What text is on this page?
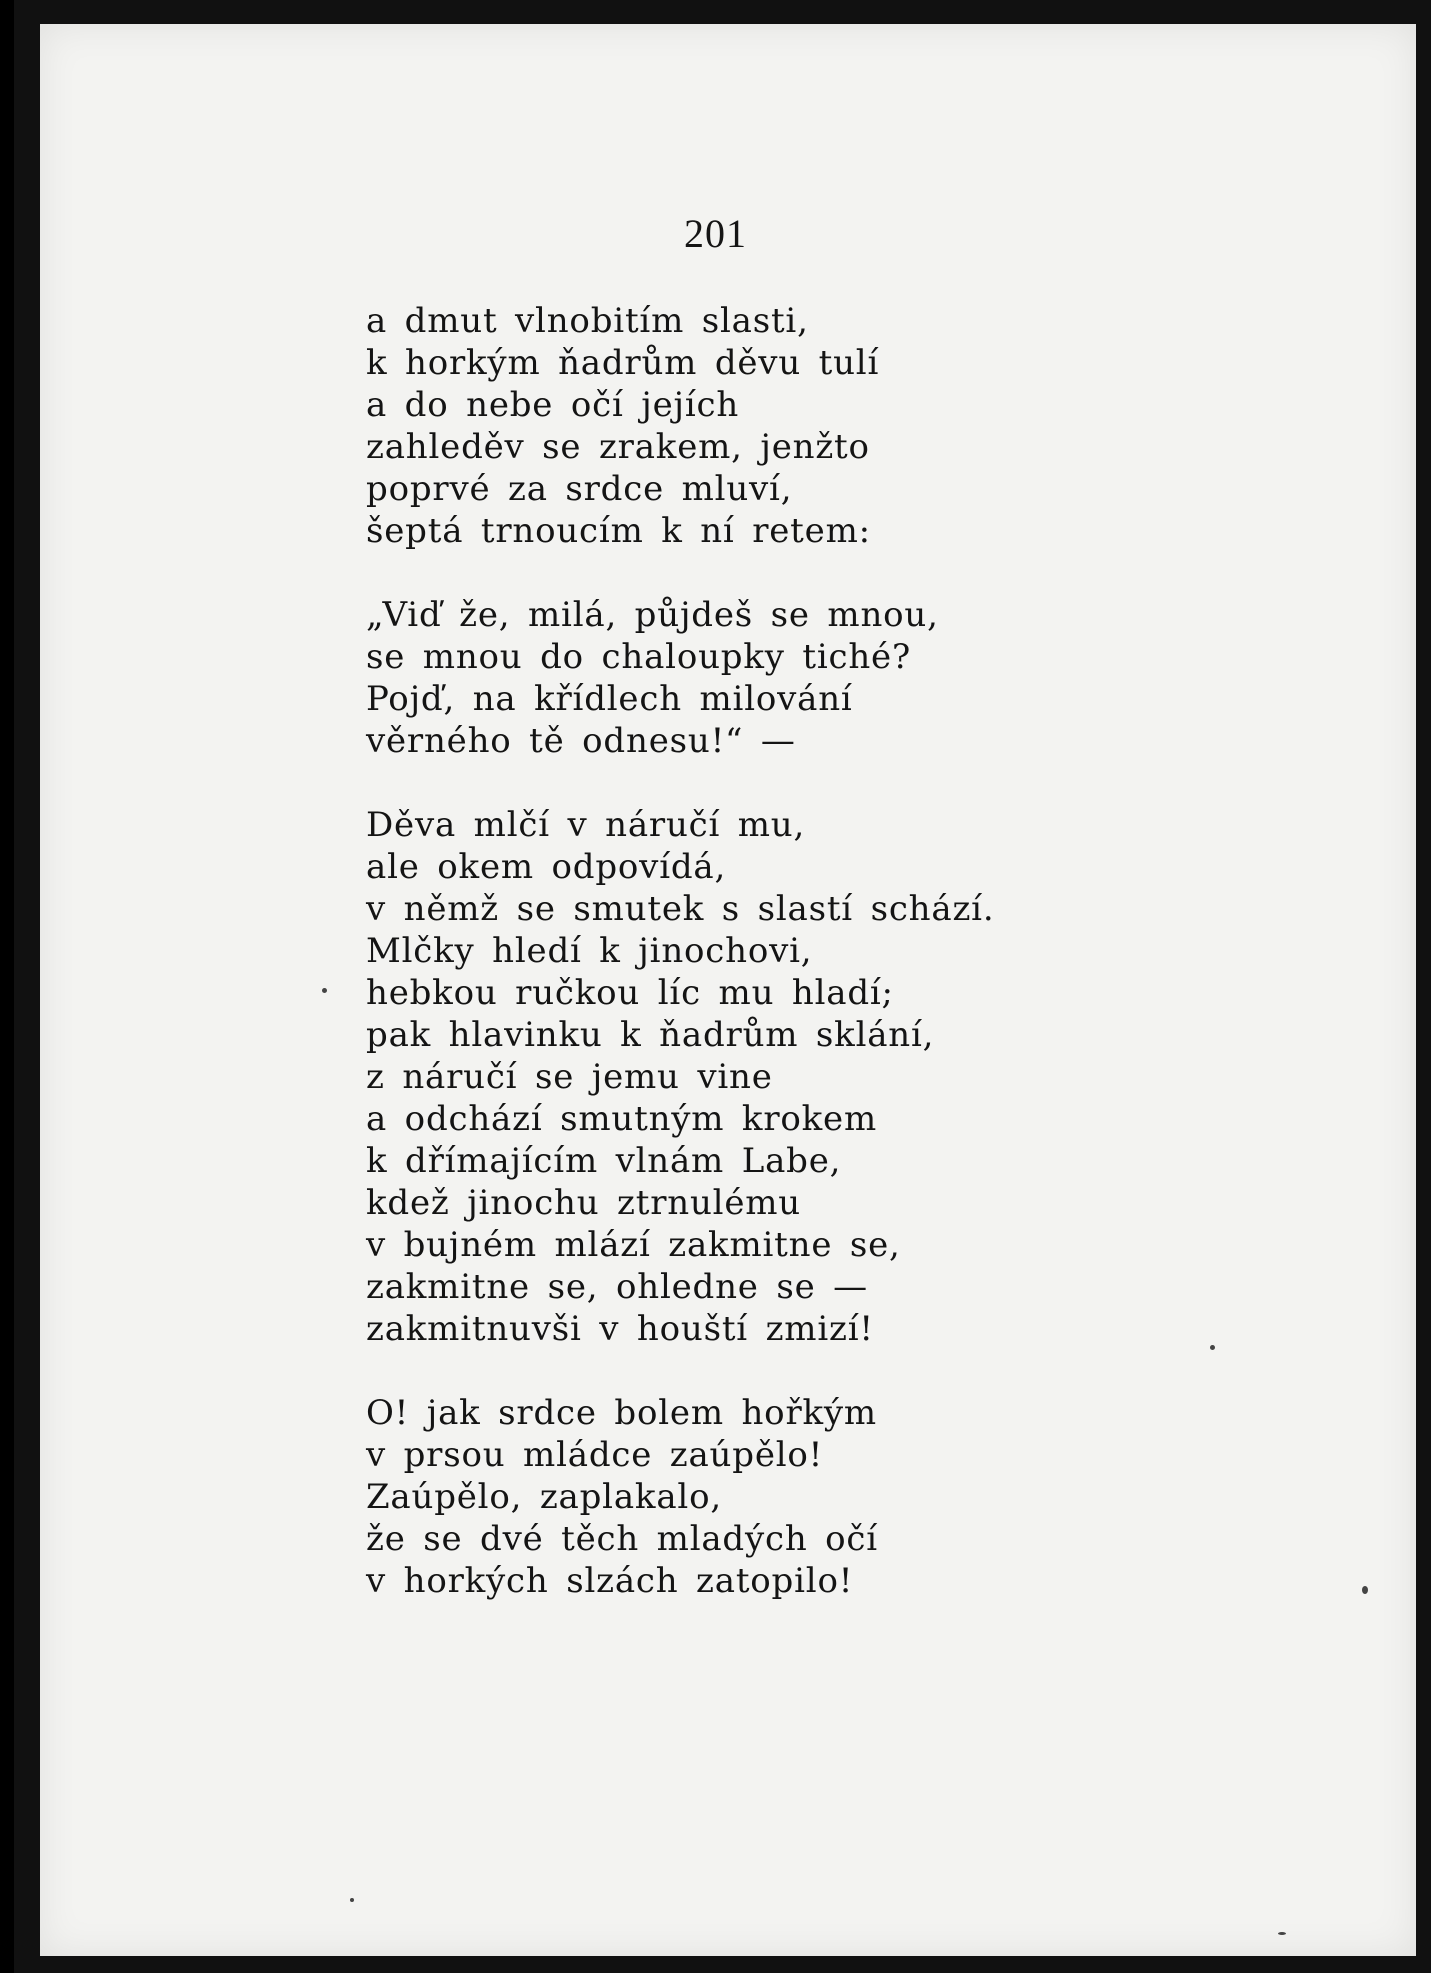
201
a dmut vlnobitím slasti,
k horkým ňadrům děvu tulí
a do nebe očí jejích
zahleděv se zrakem, jenžto
poprvé za srdce mluví,
šeptá trnoucím k ní retem:
„Viď že, milá, půjdeš se mnou,
se mnou do chaloupky tiché?
Pojď, na křídlech milování
věrného tě odnesu!“ —
Děva mlčí v náručí mu,
ale okem odpovídá,
v němž se smutek s slastí schází.
Mlčky hledí k jinochovi,
hebkou ručkou líc mu hladí;
pak hlavinku k ňadrům sklání,
z náručí se jemu vine
a odchází smutným krokem
k dřímajícím vlnám Labe,
kdež jinochu ztrnulému
v bujném mlází zakmitne se,
zakmitne se, ohledne se —
zakmitnuvši v houští zmizí!
O! jak srdce bolem hořkým
v prsou mládce zaúpělo!
Zaúpělo, zaplakalo,
že se dvé těch mladých očí
v horkých slzách zatopilo!
